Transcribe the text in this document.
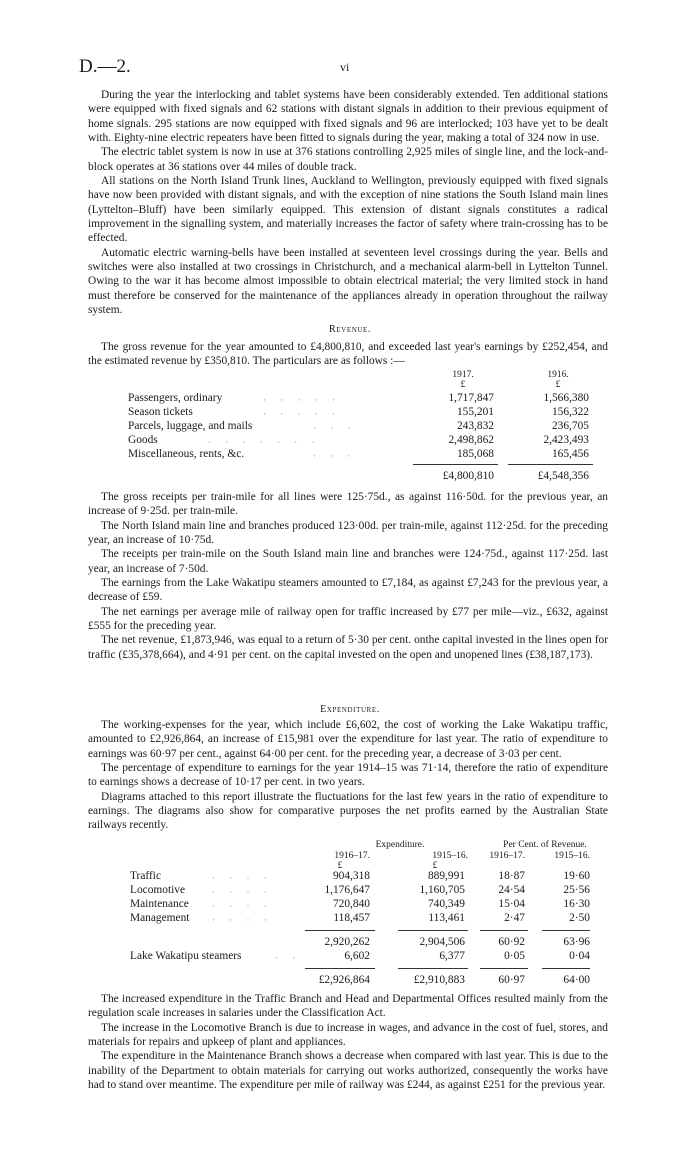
D.—2.	vi

During the year the interlocking and tablet systems have been considerably extended. Ten additional stations were equipped with fixed signals and 62 stations with distant signals in addition to their previous equipment of home signals. 295 stations are now equipped with fixed signals and 96 are interlocked; 103 have yet to be dealt with. Eighty-nine electric repeaters have been fitted to signals during the year, making a total of 324 now in use.

The electric tablet system is now in use at 376 stations controlling 2,925 miles of single line, and the lock-and-block operates at 36 stations over 44 miles of double track.

All stations on the North Island Trunk lines, Auckland to Wellington, previously equipped with fixed signals have now been provided with distant signals, and with the exception of nine stations the South Island main lines (Lyttelton–Bluff) have been similarly equipped. This extension of distant signals constitutes a radical improvement in the signalling system, and materially increases the factor of safety where train-crossing has to be effected.

Automatic electric warning-bells have been installed at seventeen level crossings during the year. Bells and switches were also installed at two crossings in Christchurch, and a mechanical alarm-bell in Lyttelton Tunnel. Owing to the war it has become almost impossible to obtain electrical material; the very limited stock in hand must therefore be conserved for the maintenance of the appliances already in operation throughout the railway system.

Revenue.

The gross revenue for the year amounted to £4,800,810, and exceeded last year's earnings by £252,454, and the estimated revenue by £350,810. The particulars are as follows :—

1917.	1916.
£	£
Passengers, ordinary	· · · · ·	1,717,847	1,566,380
Season tickets	· · · · ·	155,201	156,322
Parcels, luggage, and mails	· · ·	243,832	236,705
Goods	· · · · · · ·	2,498,862	2,423,493
Miscellaneous, rents, &c.	· · ·	185,068	165,456
£4,800,810	£4,548,356

The gross receipts per train-mile for all lines were 125·75d., as against 116·50d. for the previous year, an increase of 9·25d. per train-mile.

The North Island main line and branches produced 123·00d. per train-mile, against 112·25d. for the preceding year, an increase of 10·75d.

The receipts per train-mile on the South Island main line and branches were 124·75d., against 117·25d. last year, an increase of 7·50d.

The earnings from the Lake Wakatipu steamers amounted to £7,184, as against £7,243 for the previous year, a decrease of £59.

The net earnings per average mile of railway open for traffic increased by £77 per mile—viz., £632, against £555 for the preceding year.

The net revenue, £1,873,946, was equal to a return of 5·30 per cent. onthe capital invested in the lines open for traffic (£35,378,664), and 4·91 per cent. on the capital invested on the open and unopened lines (£38,187,173).

Expenditure.

The working-expenses for the year, which include £6,602, the cost of working the Lake Wakatipu traffic, amounted to £2,926,864, an increase of £15,981 over the expenditure for last year. The ratio of expenditure to earnings was 60·97 per cent., against 64·00 per cent. for the preceding year, a decrease of 3·03 per cent.

The percentage of expenditure to earnings for the year 1914–15 was 71·14, therefore the ratio of expenditure to earnings shows a decrease of 10·17 per cent. in two years.

Diagrams attached to this report illustrate the fluctuations for the last few years in the ratio of expenditure to earnings. The diagrams also show for comparative purposes the net profits earned by the Australian State railways recently.

Expenditure.	Per Cent. of Revenue.
1916–17.	1915–16.	1916–17.	1915–16.
£	£
Traffic	· · · ·	904,318	889,991	18·87	19·60
Locomotive	· · · ·	1,176,647	1,160,705	24·54	25·56
Maintenance	· · · ·	720,840	740,349	15·04	16·30
Management	· · · ·	118,457	113,461	2·47	2·50
2,920,262	2,904,506	60·92	63·96
Lake Wakatipu steamers	· ·	6,602	6,377	0·05	0·04
£2,926,864	£2,910,883	60·97	64·00

The increased expenditure in the Traffic Branch and Head and Departmental Offices resulted mainly from the regulation scale increases in salaries under the Classification Act.

The increase in the Locomotive Branch is due to increase in wages, and advance in the cost of fuel, stores, and materials for repairs and upkeep of plant and appliances.

The expenditure in the Maintenance Branch shows a decrease when compared with last year. This is due to the inability of the Department to obtain materials for carrying out works authorized, consequently the works have had to stand over meantime. The expenditure per mile of railway was £244, as against £251 for the previous year.
